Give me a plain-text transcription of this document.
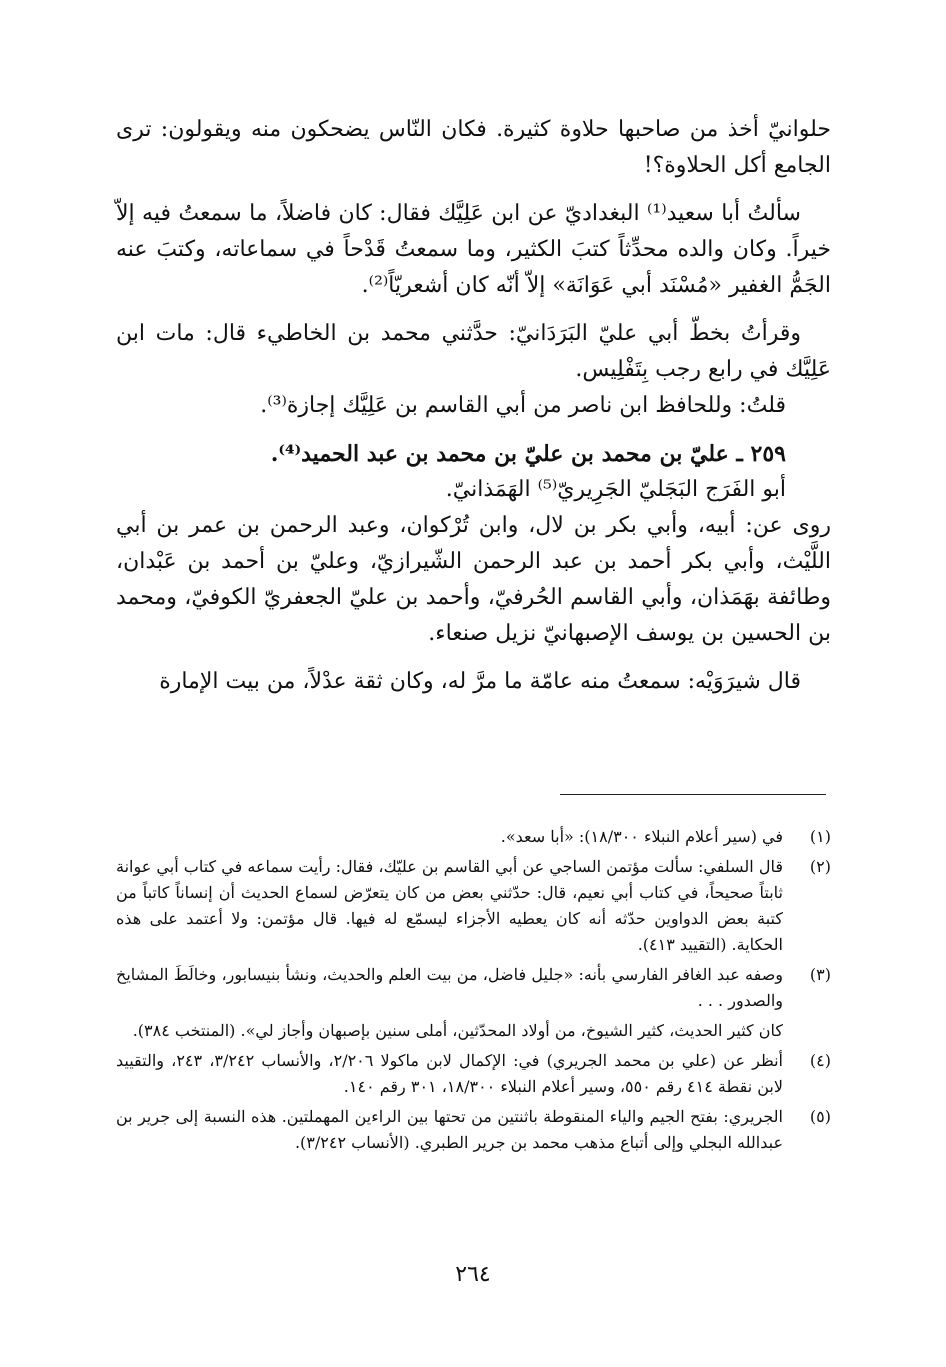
حلوانيّ أخذ من صاحبها حلاوة كثيرة. فكان النّاس يضحكون منه ويقولون: ترى الجامع أكل الحلاوة؟!

سألتُ أبا سعيد⁽¹⁾ البغداديّ عن ابن عَلِيَّك فقال: كان فاضلاً، ما سمعتُ فيه إلاّ خيراً. وكان والده محدِّثاً كتبَ الكثير، وما سمعتُ قَدْحاً في سماعاته، وكتبَ عنه الجَمُّ الغفير «مُسْنَد أبي عَوَانَة» إلاّ أنّه كان أشعريّاً⁽²⁾.

وقرأتُ بخطّ أبي عليّ البَرَدَانيّ: حدَّثني محمد بن الخاطيء قال: مات ابن عَلِيَّك في رابع رجب بِتَفْلِيس.

قلتُ: وللحافظ ابن ناصر من أبي القاسم بن عَلِيَّك إجازة⁽³⁾.

٢٥٩ ـ عليّ بن محمد بن عليّ بن محمد بن عبد الحميد⁽⁴⁾.

أبو الفَرَج البَجَليّ الجَرِيريّ⁽⁵⁾ الهَمَذانيّ.

روى عن: أبيه، وأبي بكر بن لال، وابن تُرْكوان، وعبد الرحمن بن عمر بن أبي اللَّيْث، وأبي بكر أحمد بن عبد الرحمن الشّيرازيّ، وعليّ بن أحمد بن عَبْدان، وطائفة بهَمَذان، وأبي القاسم الحُرفيّ، وأحمد بن عليّ الجعفريّ الكوفيّ، ومحمد بن الحسين بن يوسف الإصبهانيّ نزيل صنعاء.

قال شيرَوَيْه: سمعتُ منه عامّة ما مرَّ له، وكان ثقة عدْلاً، من بيت الإمارة

(١)

في (سير أعلام النبلاء ١٨/٣٠٠): «أبا سعد».

(٢)

قال السلفي: سألت مؤتمن الساجي عن أبي القاسم بن عليّك، فقال: رأيت سماعه في كتاب أبي عوانة ثابتاً صحيحاً، في كتاب أبي نعيم، قال: حدّثني بعض من كان يتعرّض لسماع الحديث أن إنساناً كاتباً من كتبة بعض الدواوين حدّثه أنه كان يعطيه الأجزاء ليسمّع له فيها. قال مؤتمن: ولا أعتمد على هذه الحكاية. (التقييد ٤١٣).

(٣)

وصفه عبد الغافر الفارسي بأنه: «جليل فاضل، من بيت العلم والحديث، ونشأ بنيسابور، وخالَطَ المشايخ والصدور . . .

كان كثير الحديث، كثير الشيوخ، من أولاد المحدّثين، أملى سنين بإصبهان وأجاز لي». (المنتخب ٣٨٤).

(٤)

أنظر عن (علي بن محمد الجريري) في: الإكمال لابن ماكولا ٢/٢٠٦، والأنساب ٣/٢٤٢، ٢٤٣، والتقييد لابن نقطة ٤١٤ رقم ٥٥٠، وسير أعلام النبلاء ١٨/٣٠٠، ٣٠١ رقم ١٤٠.

(٥)

الجريري: بفتح الجيم والياء المنقوطة باثنتين من تحتها بين الراءين المهملتين. هذه النسبة إلى جرير بن عبدالله البجلي وإلى أتباع مذهب محمد بن جرير الطبري. (الأنساب ٣/٢٤٢).

٢٦٤
